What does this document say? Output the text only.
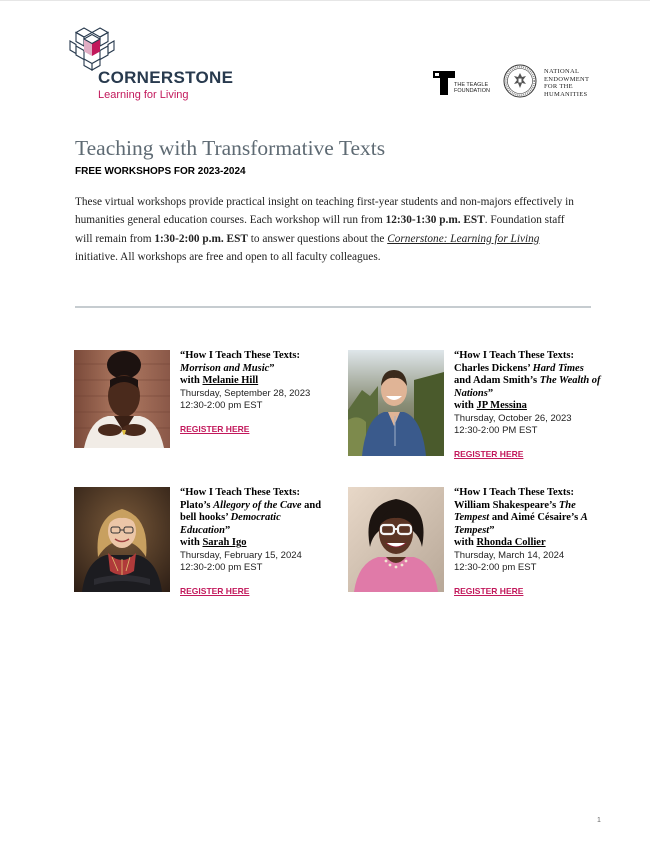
CORNERSTONE
Learning for Living
THE TEAGLE
FOUNDATION
NATIONAL
ENDOWMENT
FOR THE
HUMANITIES
Teaching with Transformative Texts
FREE WORKSHOPS FOR 2023-2024
These virtual workshops provide practical insight on teaching first-year students and non-majors effectively in humanities general education courses. Each workshop will run from 12:30-1:30 p.m. EST. Foundation staff will remain from 1:30-2:00 p.m. EST to answer questions about the Cornerstone: Learning for Living initiative. All workshops are free and open to all faculty colleagues.
“How I Teach These Texts:
Morrison and Music”
with Melanie Hill
Thursday, September 28, 2023
12:30-2:00 pm EST
REGISTER HERE
“How I Teach These Texts:
Charles Dickens’ Hard Times
and Adam Smith’s The Wealth of Nations”
with JP Messina
Thursday, October 26, 2023
12:30-2:00 PM EST
REGISTER HERE
“How I Teach These Texts:
Plato’s Allegory of the Cave and bell hooks’ Democratic Education”
with Sarah Igo
Thursday, February 15, 2024
12:30-2:00 pm EST
REGISTER HERE
“How I Teach These Texts:
William Shakespeare’s The Tempest and Aimé Césaire’s A Tempest”
with Rhonda Collier
Thursday, March 14, 2024
12:30-2:00 pm EST
REGISTER HERE
1
